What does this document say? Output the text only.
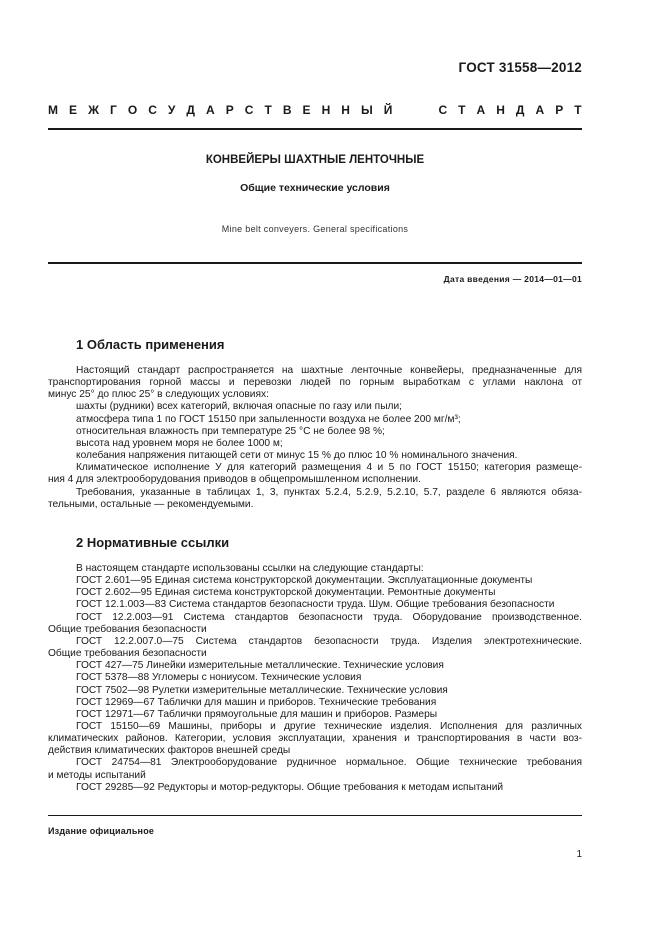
ГОСТ 31558—2012
М Е Ж Г О С У Д А Р С Т В Е Н Н Ы Й	С Т А Н Д А Р Т
КОНВЕЙЕРЫ ШАХТНЫЕ ЛЕНТОЧНЫЕ
Общие технические условия
Mine belt conveyers. General specifications
Дата введения — 2014—01—01
1 Область применения
Настоящий стандарт распространяется на шахтные ленточные конвейеры, предназначенные для
транспортирования горной массы и перевозки людей по горным выработкам с углами наклона от
минус 25° до плюс 25° в следующих условиях:
шахты (рудники) всех категорий, включая опасные по газу или пыли;
атмосфера типа 1 по ГОСТ 15150 при запыленности воздуха не более 200 мг/м³;
относительная влажность при температуре 25 °С не более 98 %;
высота над уровнем моря не более 1000 м;
колебания напряжения питающей сети от минус 15 % до плюс 10 % номинального значения.
Климатическое исполнение У для категорий размещения 4 и 5 по ГОСТ 15150; категория размеще-
ния 4 для электрооборудования приводов в общепромышленном исполнении.
Требования, указанные в таблицах 1, 3, пунктах 5.2.4, 5.2.9, 5.2.10, 5.7, разделе 6 являются обяза-
тельными, остальные — рекомендуемыми.
2 Нормативные ссылки
В настоящем стандарте использованы ссылки на следующие стандарты:
ГОСТ 2.601—95 Единая система конструкторской документации. Эксплуатационные документы
ГОСТ 2.602—95 Единая система конструкторской документации. Ремонтные документы
ГОСТ 12.1.003—83 Система стандартов безопасности труда. Шум. Общие требования безопасности
ГОСТ 12.2.003—91 Система стандартов безопасности труда. Оборудование производственное.
Общие требования безопасности
ГОСТ 12.2.007.0—75 Система стандартов безопасности труда. Изделия электротехнические.
Общие требования безопасности
ГОСТ 427—75 Линейки измерительные металлические. Технические условия
ГОСТ 5378—88 Угломеры с нониусом. Технические условия
ГОСТ 7502—98 Рулетки измерительные металлические. Технические условия
ГОСТ 12969—67 Таблички для машин и приборов. Технические требования
ГОСТ 12971—67 Таблички прямоугольные для машин и приборов. Размеры
ГОСТ 15150—69 Машины, приборы и другие технические изделия. Исполнения для различных
климатических районов. Категории, условия эксплуатации, хранения и транспортирования в части воз-
действия климатических факторов внешней среды
ГОСТ 24754—81 Электрооборудование рудничное нормальное. Общие технические требования
и методы испытаний
ГОСТ 29285—92 Редукторы и мотор-редукторы. Общие требования к методам испытаний
Издание официальное
1
